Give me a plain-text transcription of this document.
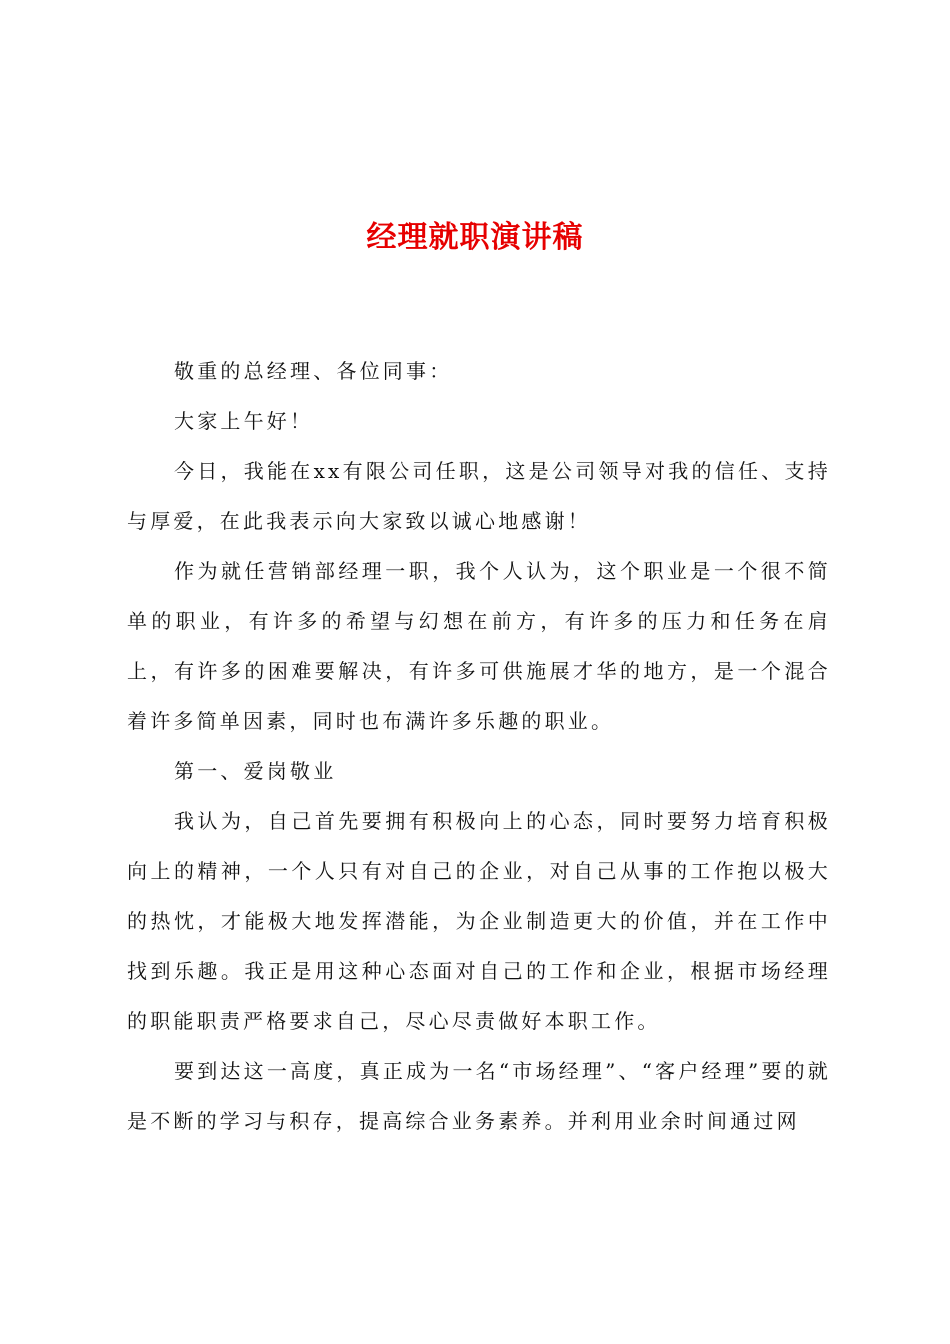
经理就职演讲稿

敬重的总经理、各位同事：

大家上午好！

今日，我能在xx有限公司任职，这是公司领导对我的信任、支持与厚爱，在此我表示向大家致以诚心地感谢！

作为就任营销部经理一职，我个人认为，这个职业是一个很不简单的职业，有许多的希望与幻想在前方，有许多的压力和任务在肩上，有许多的困难要解决，有许多可供施展才华的地方，是一个混合着许多简单因素，同时也布满许多乐趣的职业。

第一、爱岗敬业

我认为，自己首先要拥有积极向上的心态，同时要努力培育积极向上的精神，一个人只有对自己的企业，对自己从事的工作抱以极大的热忱，才能极大地发挥潜能，为企业制造更大的价值，并在工作中找到乐趣。我正是用这种心态面对自己的工作和企业，根据市场经理的职能职责严格要求自己，尽心尽责做好本职工作。

要到达这一高度，真正成为一名“市场经理”、“客户经理”要的就是不断的学习与积存，提高综合业务素养。并利用业余时间通过网
